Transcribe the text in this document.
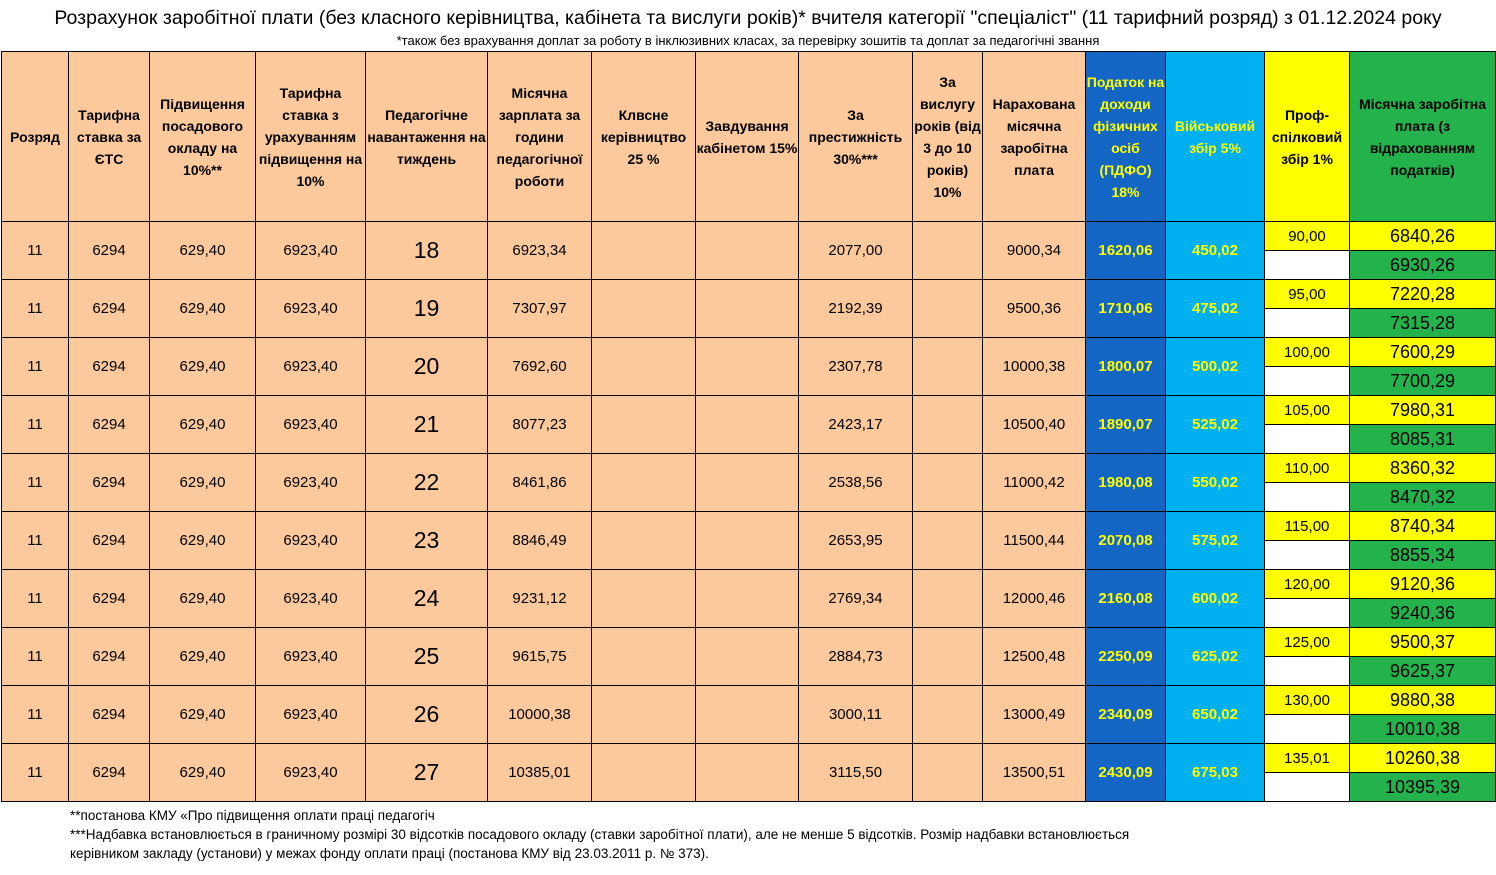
Розрахунок заробітної плати (без класного керівництва, кабінета та вислуги років)* вчителя категорії "спеціаліст" (11 тарифний розряд) з 01.12.2024 року
*також без врахування доплат за роботу в інклюзивних класах, за перевірку зошитів та доплат за педагогічні звання
Розряд	Тарифна ставка за ЄТС	Підвищення посадового окладу на 10%**	Тарифна ставка з урахуванням підвищення на 10%	Педагогічне навантаження на тиждень	Місячна зарплата за години педагогічної роботи	Клвсне керівництво 25 %	Завдування кабінетом 15%	За престижність 30%***	За вислугу років (від 3 до 10 років) 10%	Нарахована місячна заробітна плата	Податок на доходи фізичних осіб (ПДФО) 18%	Військовий збір 5%	Проф-спілковий збір 1%	Місячна заробітна плата (з відрахованням податків)
11	6294	629,40	6923,40	18	6923,34			2077,00		9000,34	1620,06	450,02	90,00	6840,26
														6930,26
11	6294	629,40	6923,40	19	7307,97			2192,39		9500,36	1710,06	475,02	95,00	7220,28
														7315,28
11	6294	629,40	6923,40	20	7692,60			2307,78		10000,38	1800,07	500,02	100,00	7600,29
														7700,29
11	6294	629,40	6923,40	21	8077,23			2423,17		10500,40	1890,07	525,02	105,00	7980,31
														8085,31
11	6294	629,40	6923,40	22	8461,86			2538,56		11000,42	1980,08	550,02	110,00	8360,32
														8470,32
11	6294	629,40	6923,40	23	8846,49			2653,95		11500,44	2070,08	575,02	115,00	8740,34
														8855,34
11	6294	629,40	6923,40	24	9231,12			2769,34		12000,46	2160,08	600,02	120,00	9120,36
														9240,36
11	6294	629,40	6923,40	25	9615,75			2884,73		12500,48	2250,09	625,02	125,00	9500,37
														9625,37
11	6294	629,40	6923,40	26	10000,38			3000,11		13000,49	2340,09	650,02	130,00	9880,38
														10010,38
11	6294	629,40	6923,40	27	10385,01			3115,50		13500,51	2430,09	675,03	135,01	10260,38
														10395,39
**постанова КМУ «Про підвищення оплати праці педагогіч
***Надбавка встановлюється в граничному розмірі 30 відсотків посадового окладу (ставки заробітної плати), але не менше 5 відсотків. Розмір надбавки встановлюється
керівником закладу (установи) у межах фонду оплати праці (постанова КМУ від 23.03.2011 р. № 373).
